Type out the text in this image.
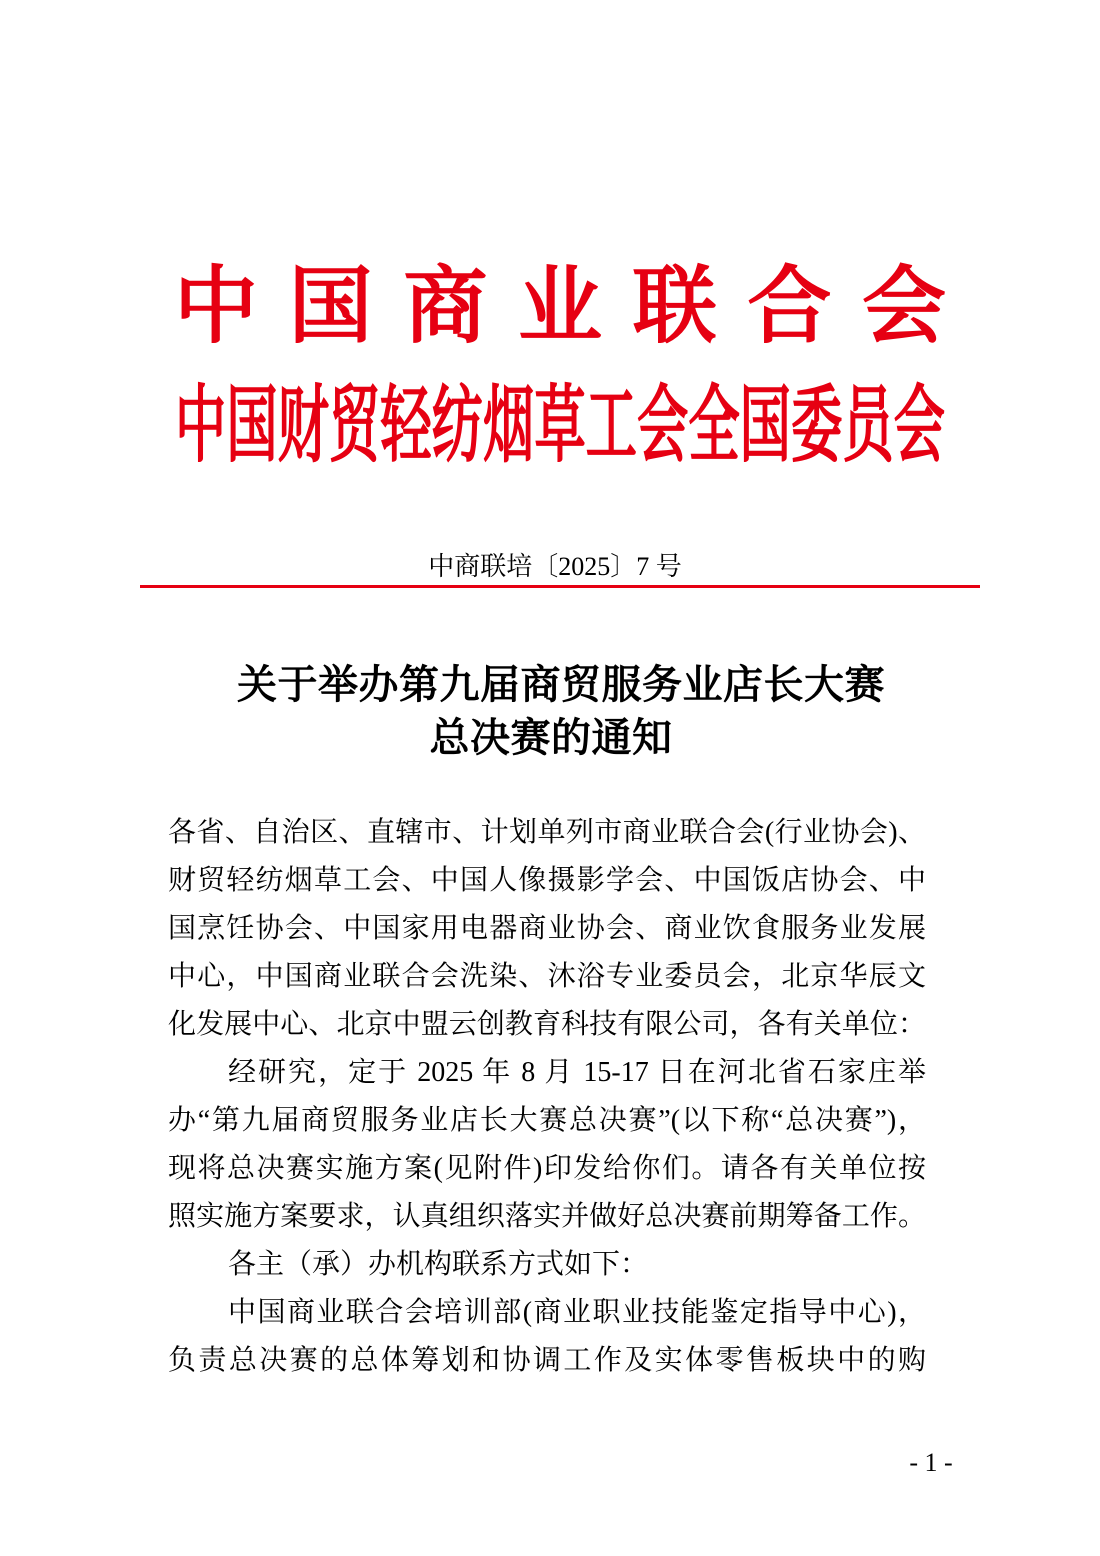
中国商业联合会
中国财贸轻纺烟草工会全国委员会
中商联培〔2025〕7 号
关于举办第九届商贸服务业店长大赛
总决赛的通知
各省、自治区、直辖市、计划单列市商业联合会(行业协会)、
财贸轻纺烟草工会、中国人像摄影学会、中国饭店协会、中
国烹饪协会、中国家用电器商业协会、商业饮食服务业发展
中心，中国商业联合会洗染、沐浴专业委员会，北京华辰文
化发展中心、北京中盟云创教育科技有限公司，各有关单位：
经研究，定于 2025 年 8 月 15-17 日在河北省石家庄举
办“第九届商贸服务业店长大赛总决赛”(以下称“总决赛”)，
现将总决赛实施方案(见附件)印发给你们。请各有关单位按
照实施方案要求，认真组织落实并做好总决赛前期筹备工作。
各主（承）办机构联系方式如下：
中国商业联合会培训部(商业职业技能鉴定指导中心)，
负责总决赛的总体筹划和协调工作及实体零售板块中的购
- 1 -
